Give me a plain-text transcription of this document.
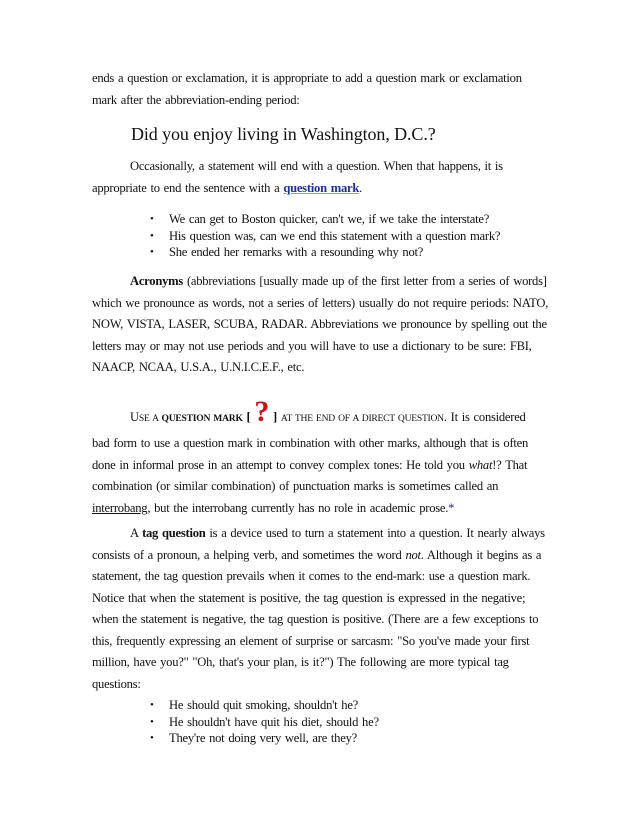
ends a question or exclamation, it is appropriate to add a question mark or exclamation
mark after the abbreviation-ending period:

Did you enjoy living in Washington, D.C.?

Occasionally, a statement will end with a question. When that happens, it is appropriate to end the sentence with a question mark.

• We can get to Boston quicker, can't we, if we take the interstate?
• His question was, can we end this statement with a question mark?
• She ended her remarks with a resounding why not?

Acronyms (abbreviations [usually made up of the first letter from a series of words] which we pronounce as words, not a series of letters) usually do not require periods: NATO, NOW, VISTA, LASER, SCUBA, RADAR. Abbreviations we pronounce by spelling out the letters may or may not use periods and you will have to use a dictionary to be sure: FBI, NAACP, NCAA, U.S.A., U.N.I.C.E.F., etc.

USE A QUESTION MARK [ ? ] AT THE END OF A DIRECT QUESTION. It is considered

bad form to use a question mark in combination with other marks, although that is often done in informal prose in an attempt to convey complex tones: He told you what!? That combination (or similar combination) of punctuation marks is sometimes called an interrobang, but the interrobang currently has no role in academic prose.*

A tag question is a device used to turn a statement into a question. It nearly always consists of a pronoun, a helping verb, and sometimes the word not. Although it begins as a statement, the tag question prevails when it comes to the end-mark: use a question mark. Notice that when the statement is positive, the tag question is expressed in the negative; when the statement is negative, the tag question is positive. (There are a few exceptions to this, frequently expressing an element of surprise or sarcasm: "So you've made your first million, have you?" "Oh, that's your plan, is it?") The following are more typical tag questions:

• He should quit smoking, shouldn't he?
• He shouldn't have quit his diet, should he?
• They're not doing very well, are they?
